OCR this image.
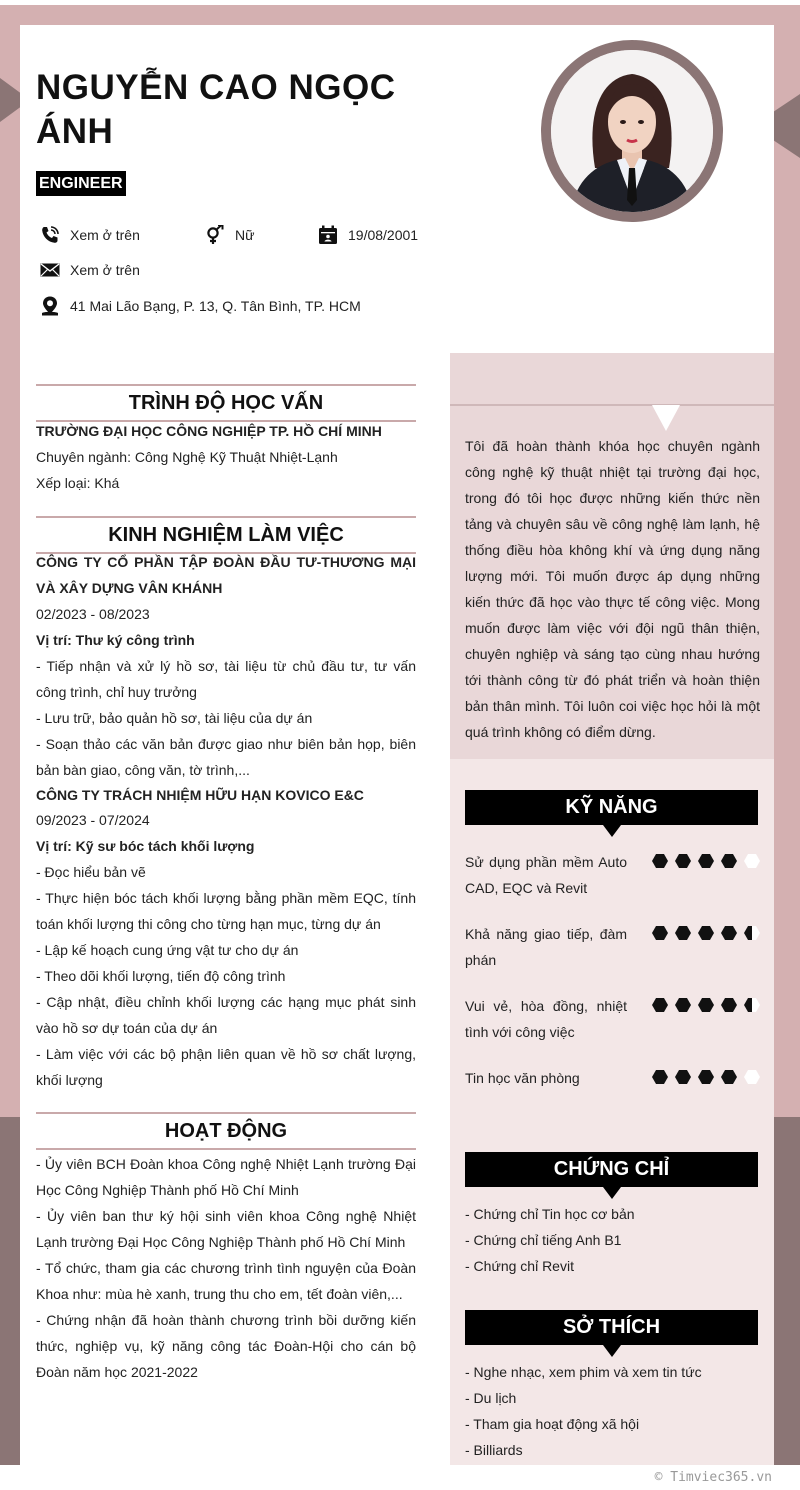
NGUYỄN CAO NGỌC ÁNH
ENGINEER
Xem ở trên	Nữ	19/08/2001
Xem ở trên
41 Mai Lão Bạng, P. 13, Q. Tân Bình, TP. HCM
TRÌNH ĐỘ HỌC VẤN
TRƯỜNG ĐẠI HỌC CÔNG NGHIỆP TP. HỒ CHÍ MINH
Chuyên ngành: Công Nghệ Kỹ Thuật Nhiệt-Lạnh
Xếp loại: Khá
KINH NGHIỆM LÀM VIỆC
CÔNG TY CỔ PHẦN TẬP ĐOÀN ĐẦU TƯ-THƯƠNG MẠI VÀ XÂY DỰNG VÂN KHÁNH
02/2023 - 08/2023
Vị trí: Thư ký công trình
- Tiếp nhận và xử lý hồ sơ, tài liệu từ chủ đầu tư, tư vấn công trình, chỉ huy trưởng
- Lưu trữ, bảo quản hồ sơ, tài liệu của dự án
- Soạn thảo các văn bản được giao như biên bản họp, biên bản bàn giao, công văn, tờ trình,...
CÔNG TY TRÁCH NHIỆM HỮU HẠN KOVICO E&C
09/2023 - 07/2024
Vị trí: Kỹ sư bóc tách khối lượng
- Đọc hiểu bản vẽ
- Thực hiện bóc tách khối lượng bằng phần mềm EQC, tính toán khối lượng thi công cho từng hạn mục, từng dự án
- Lập kế hoạch cung ứng vật tư cho dự án
- Theo dõi khối lượng, tiến độ công trình
- Cập nhật, điều chỉnh khối lượng các hạng mục phát sinh vào hồ sơ dự toán của dự án
- Làm việc với các bộ phận liên quan về hồ sơ chất lượng, khối lượng
HOẠT ĐỘNG
- Ủy viên BCH Đoàn khoa Công nghệ Nhiệt Lạnh trường Đại Học Công Nghiệp Thành phố Hồ Chí Minh
- Ủy viên ban thư ký hội sinh viên khoa Công nghệ Nhiệt Lạnh trường Đại Học Công Nghiệp Thành phố Hồ Chí Minh
- Tổ chức, tham gia các chương trình tình nguyện của Đoàn Khoa như: mùa hè xanh, trung thu cho em, tết đoàn viên,...
- Chứng nhận đã hoàn thành chương trình bồi dưỡng kiến thức, nghiệp vụ, kỹ năng công tác Đoàn-Hội cho cán bộ Đoàn năm học 2021-2022
Tôi đã hoàn thành khóa học chuyên ngành công nghệ kỹ thuật nhiệt tại trường đại học, trong đó tôi học được những kiến thức nền tảng và chuyên sâu về công nghệ làm lạnh, hệ thống điều hòa không khí và ứng dụng năng lượng mới. Tôi muốn được áp dụng những kiến thức đã học vào thực tế công việc. Mong muốn được làm việc với đội ngũ thân thiện, chuyên nghiệp và sáng tạo cùng nhau hướng tới thành công từ đó phát triển và hoàn thiện bản thân mình. Tôi luôn coi việc học hỏi là một quá trình không có điểm dừng.
KỸ NĂNG
Sử dụng phần mềm Auto CAD, EQC và Revit
Khả năng giao tiếp, đàm phán
Vui vẻ, hòa đồng, nhiệt tình với công việc
Tin học văn phòng
CHỨNG CHỈ
- Chứng chỉ Tin học cơ bản
- Chứng chỉ tiếng Anh B1
- Chứng chỉ Revit
SỞ THÍCH
- Nghe nhạc, xem phim và xem tin tức
- Du lịch
- Tham gia hoạt động xã hội
- Billiards
© Timviec365.vn
